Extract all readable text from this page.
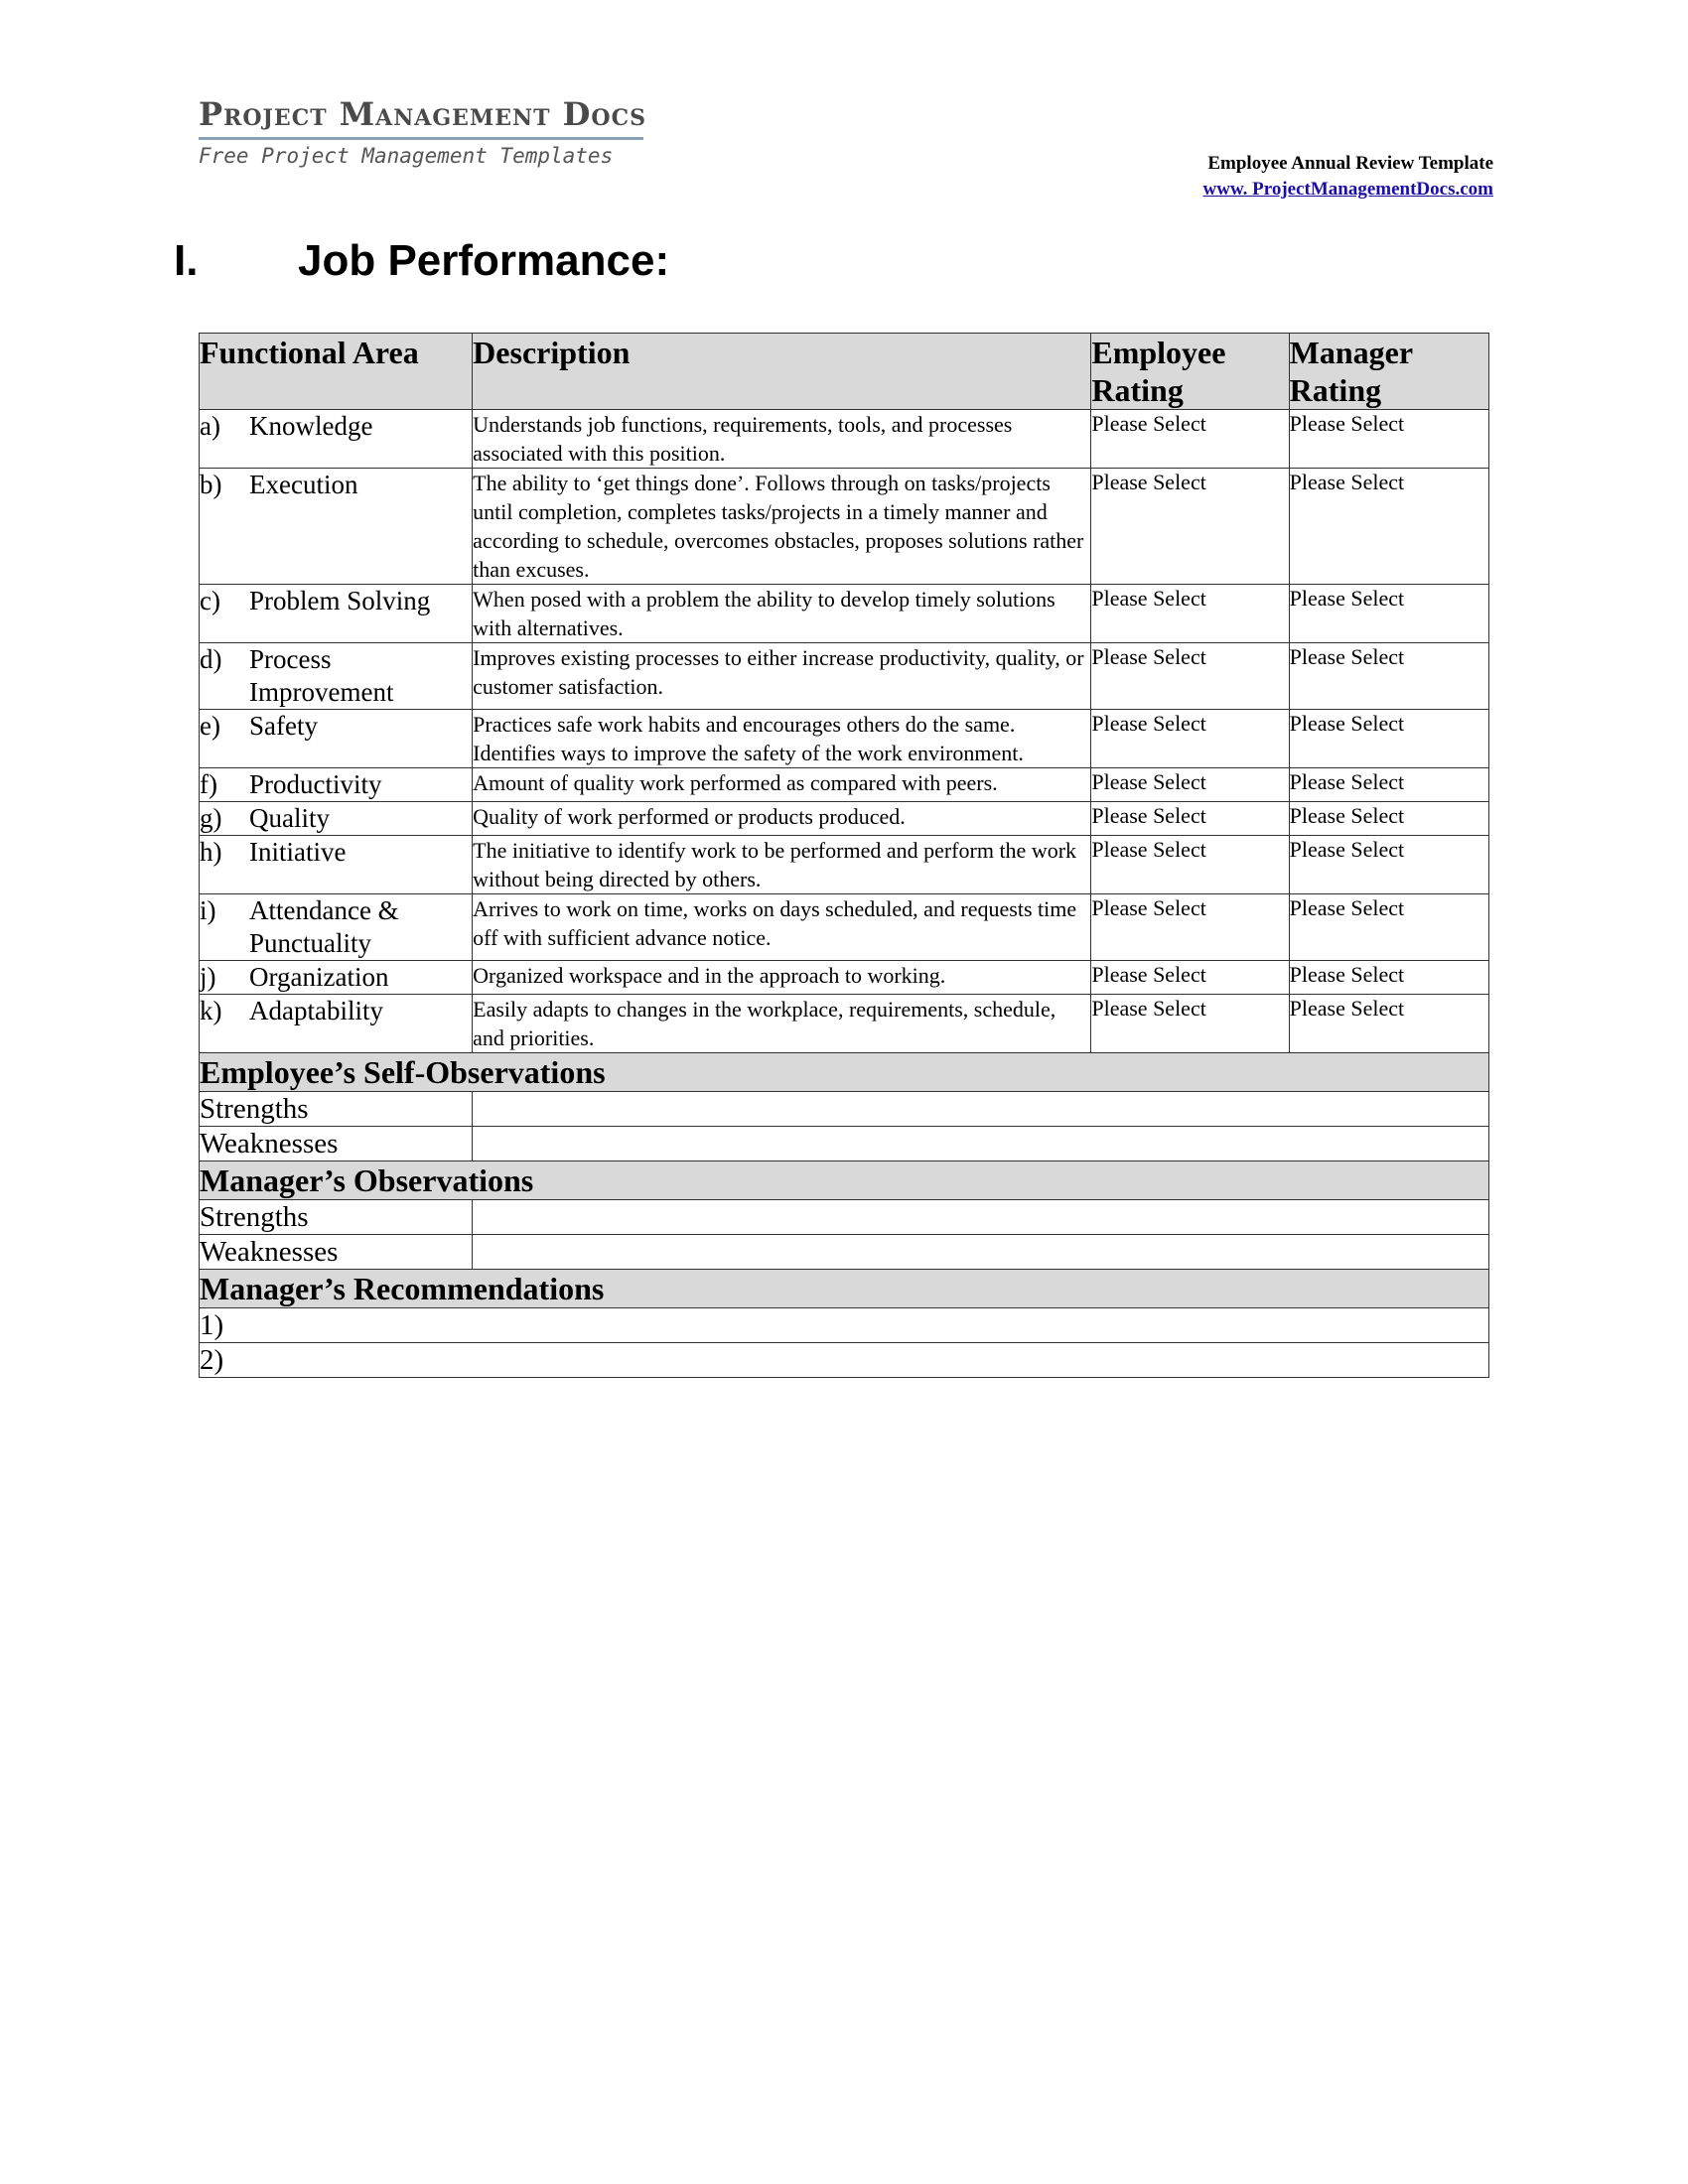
Project Management Docs
Free Project Management Templates	Employee Annual Review Template
www. ProjectManagementDocs.com
I. Job Performance:
Functional Area	Description	Employee Rating	Manager Rating
a) Knowledge	Understands job functions, requirements, tools, and processes associated with this position.	Please Select	Please Select
b) Execution	The ability to ‘get things done’. Follows through on tasks/projects until completion, completes tasks/projects in a timely manner and according to schedule, overcomes obstacles, proposes solutions rather than excuses.	Please Select	Please Select
c) Problem Solving	When posed with a problem the ability to develop timely solutions with alternatives.	Please Select	Please Select
d) Process Improvement	Improves existing processes to either increase productivity, quality, or customer satisfaction.	Please Select	Please Select
e) Safety	Practices safe work habits and encourages others do the same. Identifies ways to improve the safety of the work environment.	Please Select	Please Select
f) Productivity	Amount of quality work performed as compared with peers.	Please Select	Please Select
g) Quality	Quality of work performed or products produced.	Please Select	Please Select
h) Initiative	The initiative to identify work to be performed and perform the work without being directed by others.	Please Select	Please Select
i) Attendance & Punctuality	Arrives to work on time, works on days scheduled, and requests time off with sufficient advance notice.	Please Select	Please Select
j) Organization	Organized workspace and in the approach to working.	Please Select	Please Select
k) Adaptability	Easily adapts to changes in the workplace, requirements, schedule, and priorities.	Please Select	Please Select
Employee’s Self-Observations			
Strengths			
Weaknesses			
Manager’s Observations			
Strengths			
Weaknesses			
Manager’s Recommendations			
1)			
2)			
